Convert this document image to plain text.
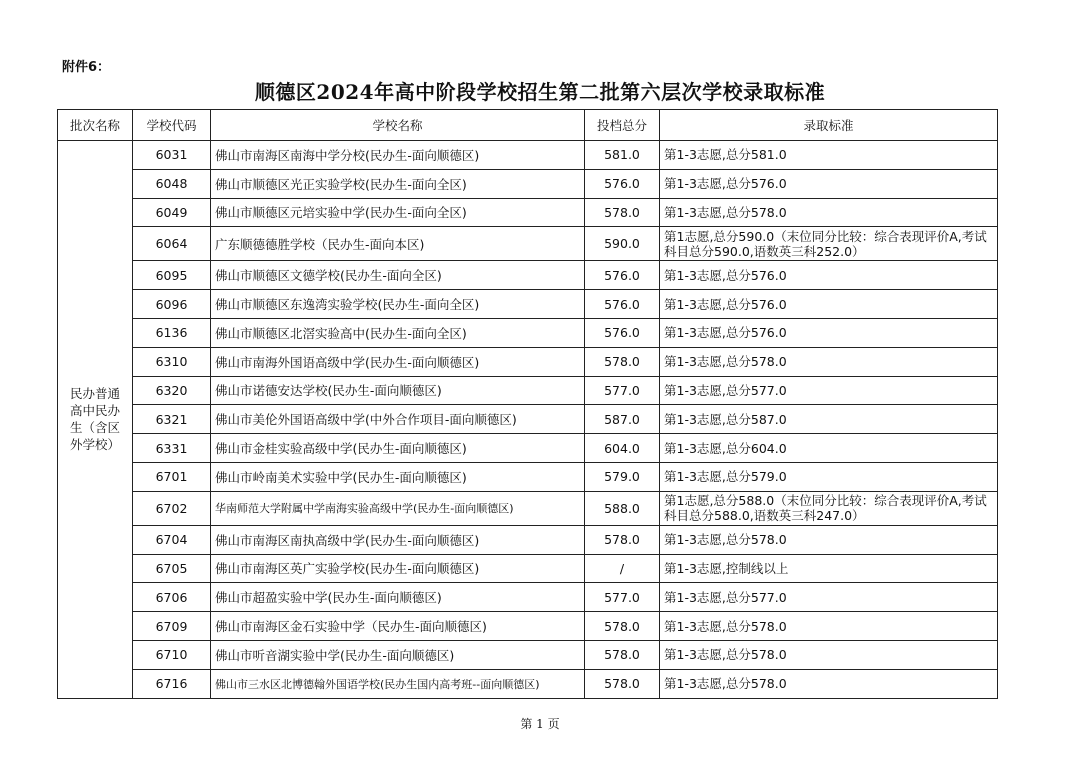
附件6：
顺德区2024年高中阶段学校招生第二批第六层次学校录取标准
批次名称	学校代码	学校名称	投档总分	录取标准
民办普通高中民办生（含区外学校）	6031	佛山市南海区南海中学分校(民办生-面向顺德区)	581.0	第1-3志愿,总分581.0
	6048	佛山市顺德区光正实验学校(民办生-面向全区)	576.0	第1-3志愿,总分576.0
	6049	佛山市顺德区元培实验中学(民办生-面向全区)	578.0	第1-3志愿,总分578.0
	6064	广东顺德德胜学校（民办生-面向本区)	590.0	第1志愿,总分590.0（末位同分比较：综合表现评价A,考试科目总分590.0,语数英三科252.0）
	6095	佛山市顺德区文德学校(民办生-面向全区)	576.0	第1-3志愿,总分576.0
	6096	佛山市顺德区东逸湾实验学校(民办生-面向全区)	576.0	第1-3志愿,总分576.0
	6136	佛山市顺德区北滘实验高中(民办生-面向全区)	576.0	第1-3志愿,总分576.0
	6310	佛山市南海外国语高级中学(民办生-面向顺德区)	578.0	第1-3志愿,总分578.0
	6320	佛山市诺德安达学校(民办生-面向顺德区)	577.0	第1-3志愿,总分577.0
	6321	佛山市美伦外国语高级中学(中外合作项目-面向顺德区)	587.0	第1-3志愿,总分587.0
	6331	佛山市金桂实验高级中学(民办生-面向顺德区)	604.0	第1-3志愿,总分604.0
	6701	佛山市岭南美术实验中学(民办生-面向顺德区)	579.0	第1-3志愿,总分579.0
	6702	华南师范大学附属中学南海实验高级中学(民办生-面向顺德区)	588.0	第1志愿,总分588.0（末位同分比较：综合表现评价A,考试科目总分588.0,语数英三科247.0）
	6704	佛山市南海区南执高级中学(民办生-面向顺德区)	578.0	第1-3志愿,总分578.0
	6705	佛山市南海区英广实验学校(民办生-面向顺德区)	/	第1-3志愿,控制线以上
	6706	佛山市超盈实验中学(民办生-面向顺德区)	577.0	第1-3志愿,总分577.0
	6709	佛山市南海区金石实验中学（民办生-面向顺德区)	578.0	第1-3志愿,总分578.0
	6710	佛山市听音湖实验中学(民办生-面向顺德区)	578.0	第1-3志愿,总分578.0
	6716	佛山市三水区北博德翰外国语学校(民办生国内高考班--面向顺德区)	578.0	第1-3志愿,总分578.0
第 1 页
